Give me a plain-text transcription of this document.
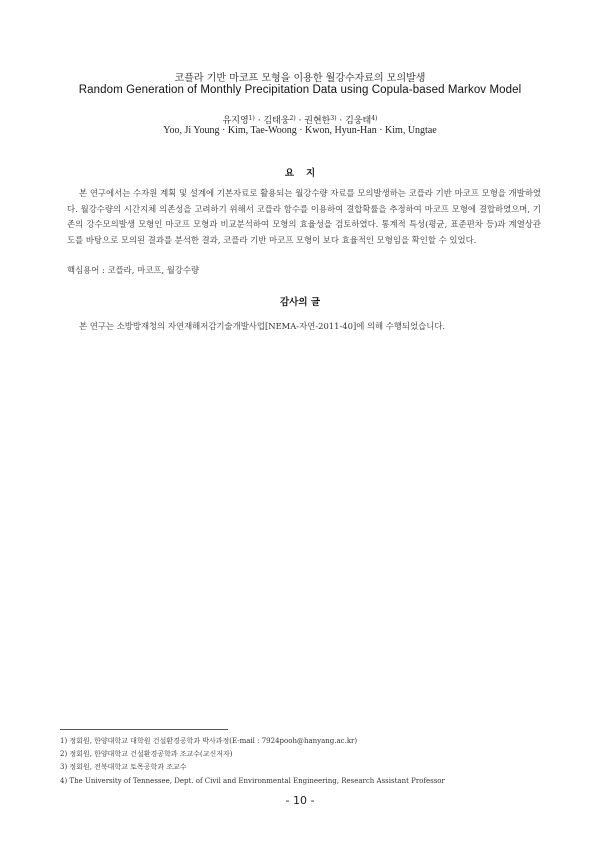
코플라 기반 마코프 모형을 이용한 월강수자료의 모의발생
Random Generation of Monthly Precipitation Data using Copula-based Markov Model
유지영$^{1)}$ · 김태웅$^{2)}$ · 권현한$^{3)}$ · 김웅태$^{4)}$
Yoo, Ji Young · Kim, Tae-Woong · Kwon, Hyun-Han · Kim, Ungtae
요지

본 연구에서는 수자원 계획 및 설계에 기본자료로 활용되는 월강수량 자료를 모의발생하는 코플라 기반 마코프 모형을 개발하였다. 월강수량의 시간지체 의존성을 고려하기 위해서 코플라 함수를 이용하여 결합확률을 추정하여 마코프 모형에 결합하였으며, 기존의 강수모의발생 모형인 마코프 모형과 비교분석하여 모형의 효율성을 검토하였다. 통계적 특성(평균, 표준편차 등)과 계열상관도를 바탕으로 모의된 결과를 분석한 결과, 코플라 기반 마코프 모형이 보다 효율적인 모형임을 확인할 수 있었다.

핵심용어 : 코플라, 마코프, 월강수량

감사의 글

본 연구는 소방방재청의 자연재해저감기술개발사업[NEMA-자연-2011-40]에 의해 수행되었습니다.

1) 정회원, 한양대학교 대학원 건설환경공학과 박사과정(E-mail : 7924pooh@hanyang.ac.kr)
2) 정회원, 한양대학교 건설환경공학과 조교수(교신저자)
3) 정회원, 전북대학교 토목공학과 조교수
4) The University of Tennessee, Dept. of Civil and Environmental Engineering, Research Assistant Professor
- 10 -
